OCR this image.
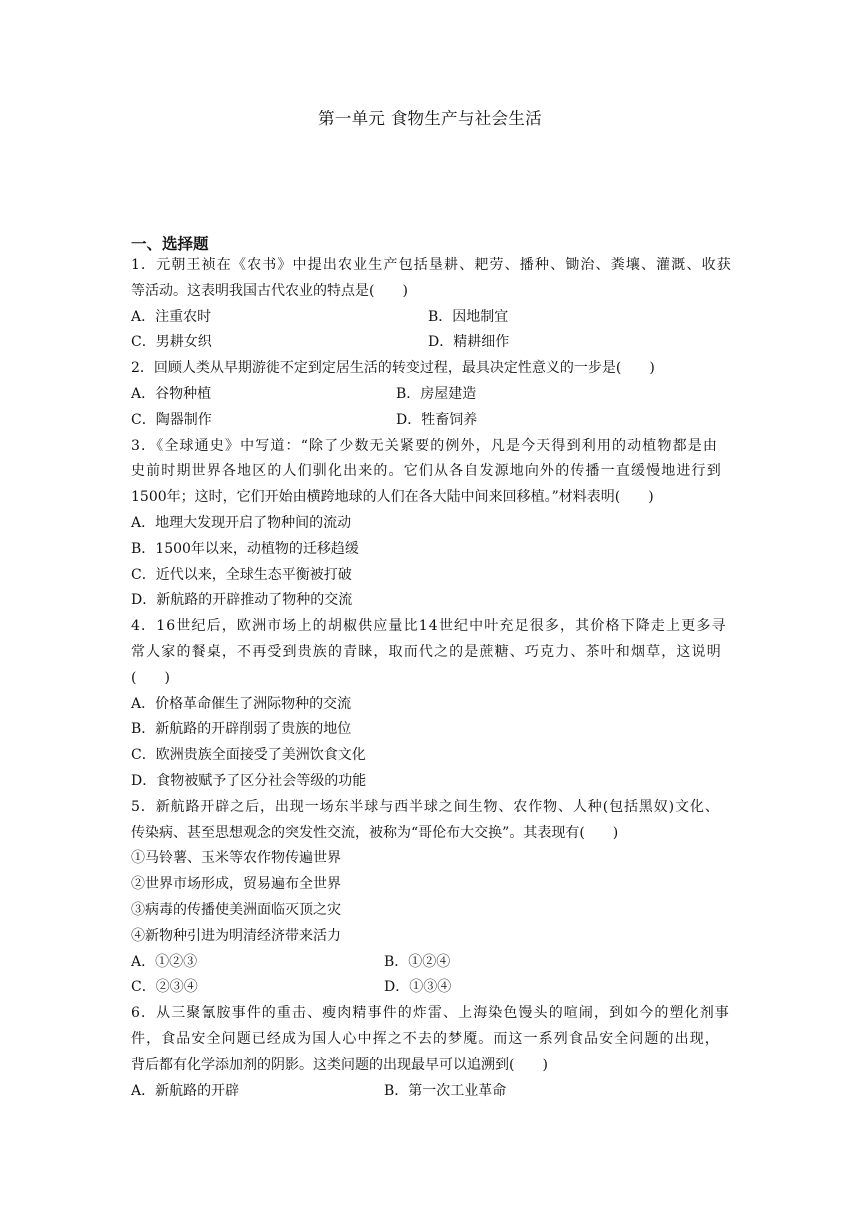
第一单元 食物生产与社会生活
一、选择题
1．元朝王祯在《农书》中提出农业生产包括垦耕、耙劳、播种、锄治、粪壤、灌溉、收获
等活动。这表明我国古代农业的特点是(　　)
A．注重农时	B．因地制宜
C．男耕女织	D．精耕细作
2．回顾人类从早期游徙不定到定居生活的转变过程，最具决定性意义的一步是(　　)
A．谷物种植	B．房屋建造
C．陶器制作	D．牲畜饲养
3．《全球通史》中写道：“除了少数无关紧要的例外，凡是今天得到利用的动植物都是由
史前时期世界各地区的人们驯化出来的。它们从各自发源地向外的传播一直缓慢地进行到
1500年；这时，它们开始由横跨地球的人们在各大陆中间来回移植。”材料表明(　　)
A．地理大发现开启了物种间的流动
B．1500年以来，动植物的迁移趋缓
C．近代以来，全球生态平衡被打破
D．新航路的开辟推动了物种的交流
4．16世纪后，欧洲市场上的胡椒供应量比14世纪中叶充足很多，其价格下降走上更多寻
常人家的餐桌，不再受到贵族的青睐，取而代之的是蔗糖、巧克力、茶叶和烟草，这说明
(　　)
A．价格革命催生了洲际物种的交流
B．新航路的开辟削弱了贵族的地位
C．欧洲贵族全面接受了美洲饮食文化
D．食物被赋予了区分社会等级的功能
5．新航路开辟之后，出现一场东半球与西半球之间生物、农作物、人种(包括黑奴)文化、
传染病、甚至思想观念的突发性交流，被称为“哥伦布大交换”。其表现有(　　)
①马铃薯、玉米等农作物传遍世界
②世界市场形成，贸易遍布全世界
③病毒的传播使美洲面临灭顶之灾
④新物种引进为明清经济带来活力
A．①②③	B．①②④
C．②③④	D．①③④
6．从三聚氰胺事件的重击、瘦肉精事件的炸雷、上海染色馒头的喧闹，到如今的塑化剂事
件，食品安全问题已经成为国人心中挥之不去的梦魇。而这一系列食品安全问题的出现，
背后都有化学添加剂的阴影。这类问题的出现最早可以追溯到(　　)
A．新航路的开辟	B．第一次工业革命
